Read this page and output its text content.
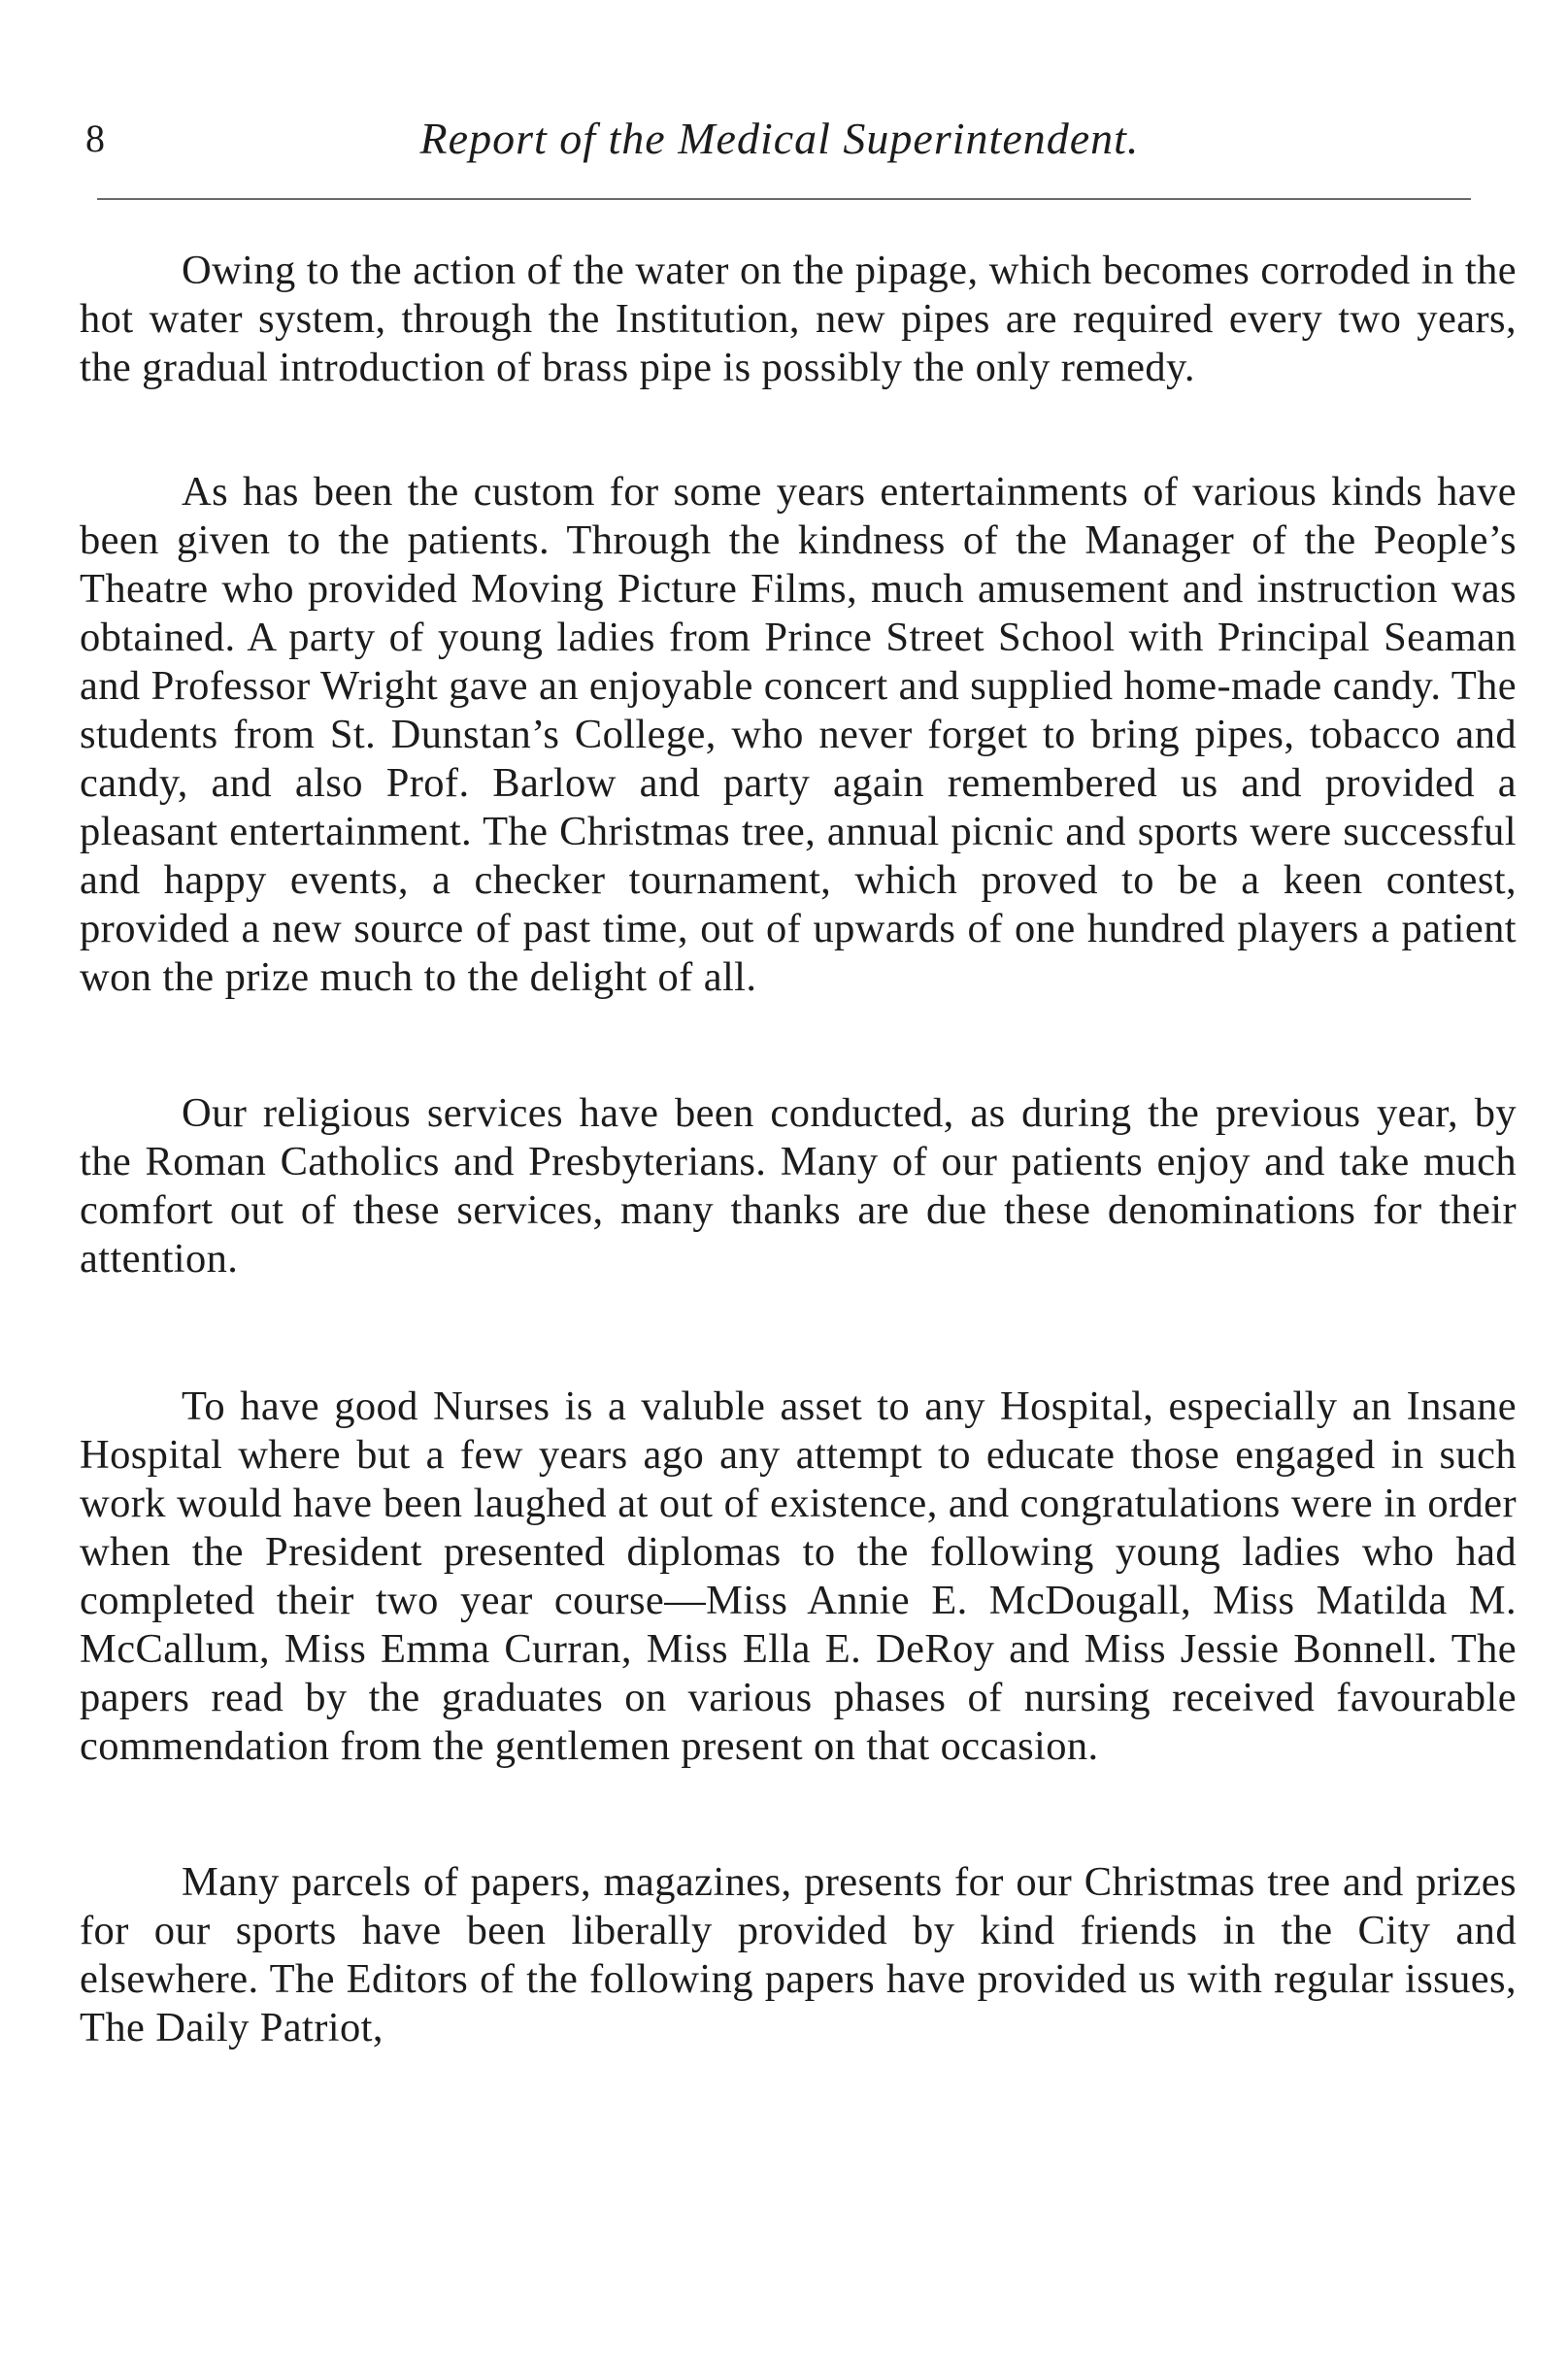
8	Report of the Medical Superintendent.

Owing to the action of the water on the pipage, which becomes corroded in the hot water system, through the Institution, new pipes are required every two years, the gradual introduction of brass pipe is possibly the only remedy.

As has been the custom for some years entertainments of various kinds have been given to the patients. Through the kindness of the Manager of the People’s Theatre who provided Moving Picture Films, much amusement and instruction was obtained. A party of young ladies from Prince Street School with Principal Seaman and Professor Wright gave an enjoyable concert and supplied home-made candy. The students from St. Dunstan’s College, who never forget to bring pipes, tobacco and candy, and also Prof. Barlow and party again remembered us and provided a pleasant entertainment. The Christmas tree, annual picnic and sports were successful and happy events, a checker tournament, which proved to be a keen contest, provided a new source of past time, out of upwards of one hundred players a patient won the prize much to the delight of all.

Our religious services have been conducted, as during the previous year, by the Roman Catholics and Presbyterians. Many of our patients enjoy and take much comfort out of these services, many thanks are due these denominations for their attention.

To have good Nurses is a valuble asset to any Hospital, especially an Insane Hospital where but a few years ago any attempt to educate those engaged in such work would have been laughed at out of existence, and congratulations were in order when the President presented diplomas to the following young ladies who had completed their two year course—Miss Annie E. McDougall, Miss Matilda M. McCallum, Miss Emma Curran, Miss Ella E. DeRoy and Miss Jessie Bonnell. The papers read by the graduates on various phases of nursing received favourable commendation from the gentlemen present on that occasion.

Many parcels of papers, magazines, presents for our Christmas tree and prizes for our sports have been liberally provided by kind friends in the City and elsewhere. The Editors of the following papers have provided us with regular issues, The Daily Patriot,
